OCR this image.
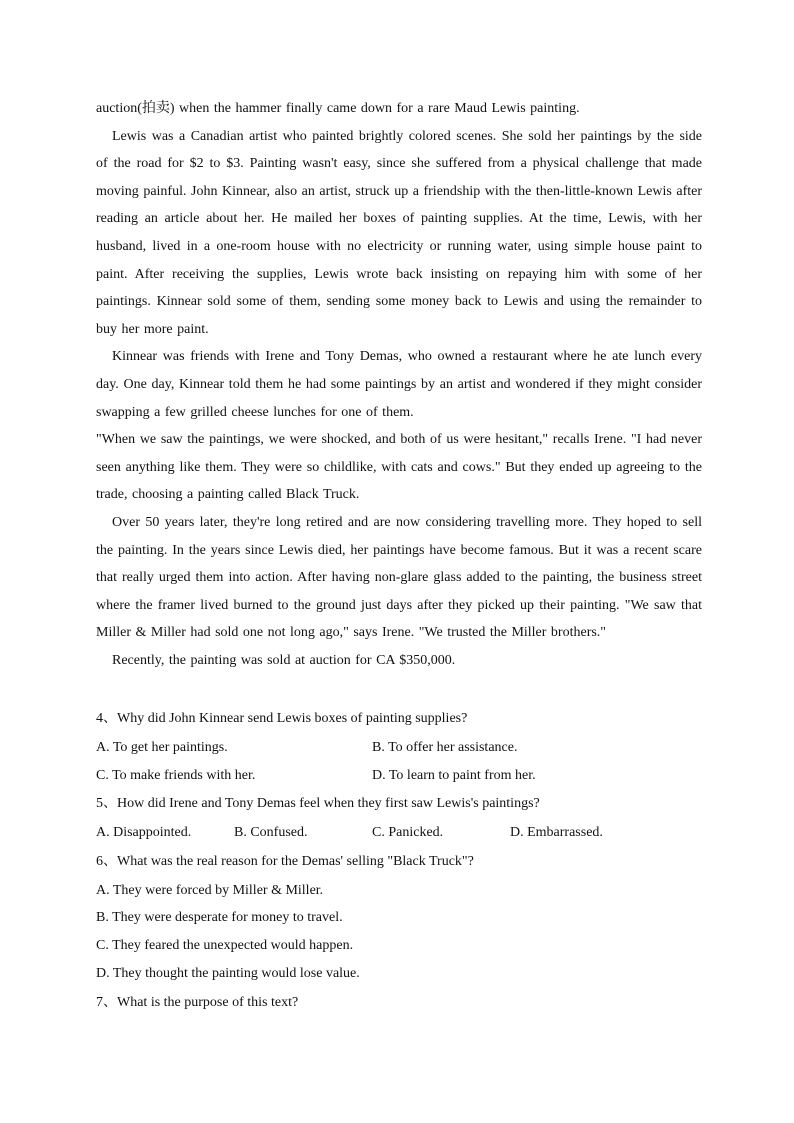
auction(拍卖) when the hammer finally came down for a rare Maud Lewis painting.

Lewis was a Canadian artist who painted brightly colored scenes. She sold her paintings by the side of the road for $2 to $3. Painting wasn't easy, since she suffered from a physical challenge that made moving painful. John Kinnear, also an artist, struck up a friendship with the then-little-known Lewis after reading an article about her. He mailed her boxes of painting supplies. At the time, Lewis, with her husband, lived in a one-room house with no electricity or running water, using simple house paint to paint. After receiving the supplies, Lewis wrote back insisting on repaying him with some of her paintings. Kinnear sold some of them, sending some money back to Lewis and using the remainder to buy her more paint.

Kinnear was friends with Irene and Tony Demas, who owned a restaurant where he ate lunch every day. One day, Kinnear told them he had some paintings by an artist and wondered if they might consider swapping a few grilled cheese lunches for one of them.

"When we saw the paintings, we were shocked, and both of us were hesitant," recalls Irene. "I had never seen anything like them. They were so childlike, with cats and cows." But they ended up agreeing to the trade, choosing a painting called Black Truck.

Over 50 years later, they're long retired and are now considering travelling more. They hoped to sell the painting. In the years since Lewis died, her paintings have become famous. But it was a recent scare that really urged them into action. After having non-glare glass added to the painting, the business street where the framer lived burned to the ground just days after they picked up their painting. "We saw that Miller & Miller had sold one not long ago," says Irene. "We trusted the Miller brothers."

Recently, the painting was sold at auction for CA $350,000.

4、Why did John Kinnear send Lewis boxes of painting supplies?

A. To get her paintings.	B. To offer her assistance.
C. To make friends with her.	D. To learn to paint from her.

5、How did Irene and Tony Demas feel when they first saw Lewis's paintings?

A. Disappointed.	B. Confused.	C. Panicked.	D. Embarrassed.

6、What was the real reason for the Demas' selling "Black Truck"?

A. They were forced by Miller & Miller.

B. They were desperate for money to travel.

C. They feared the unexpected would happen.

D. They thought the painting would lose value.

7、What is the purpose of this text?
